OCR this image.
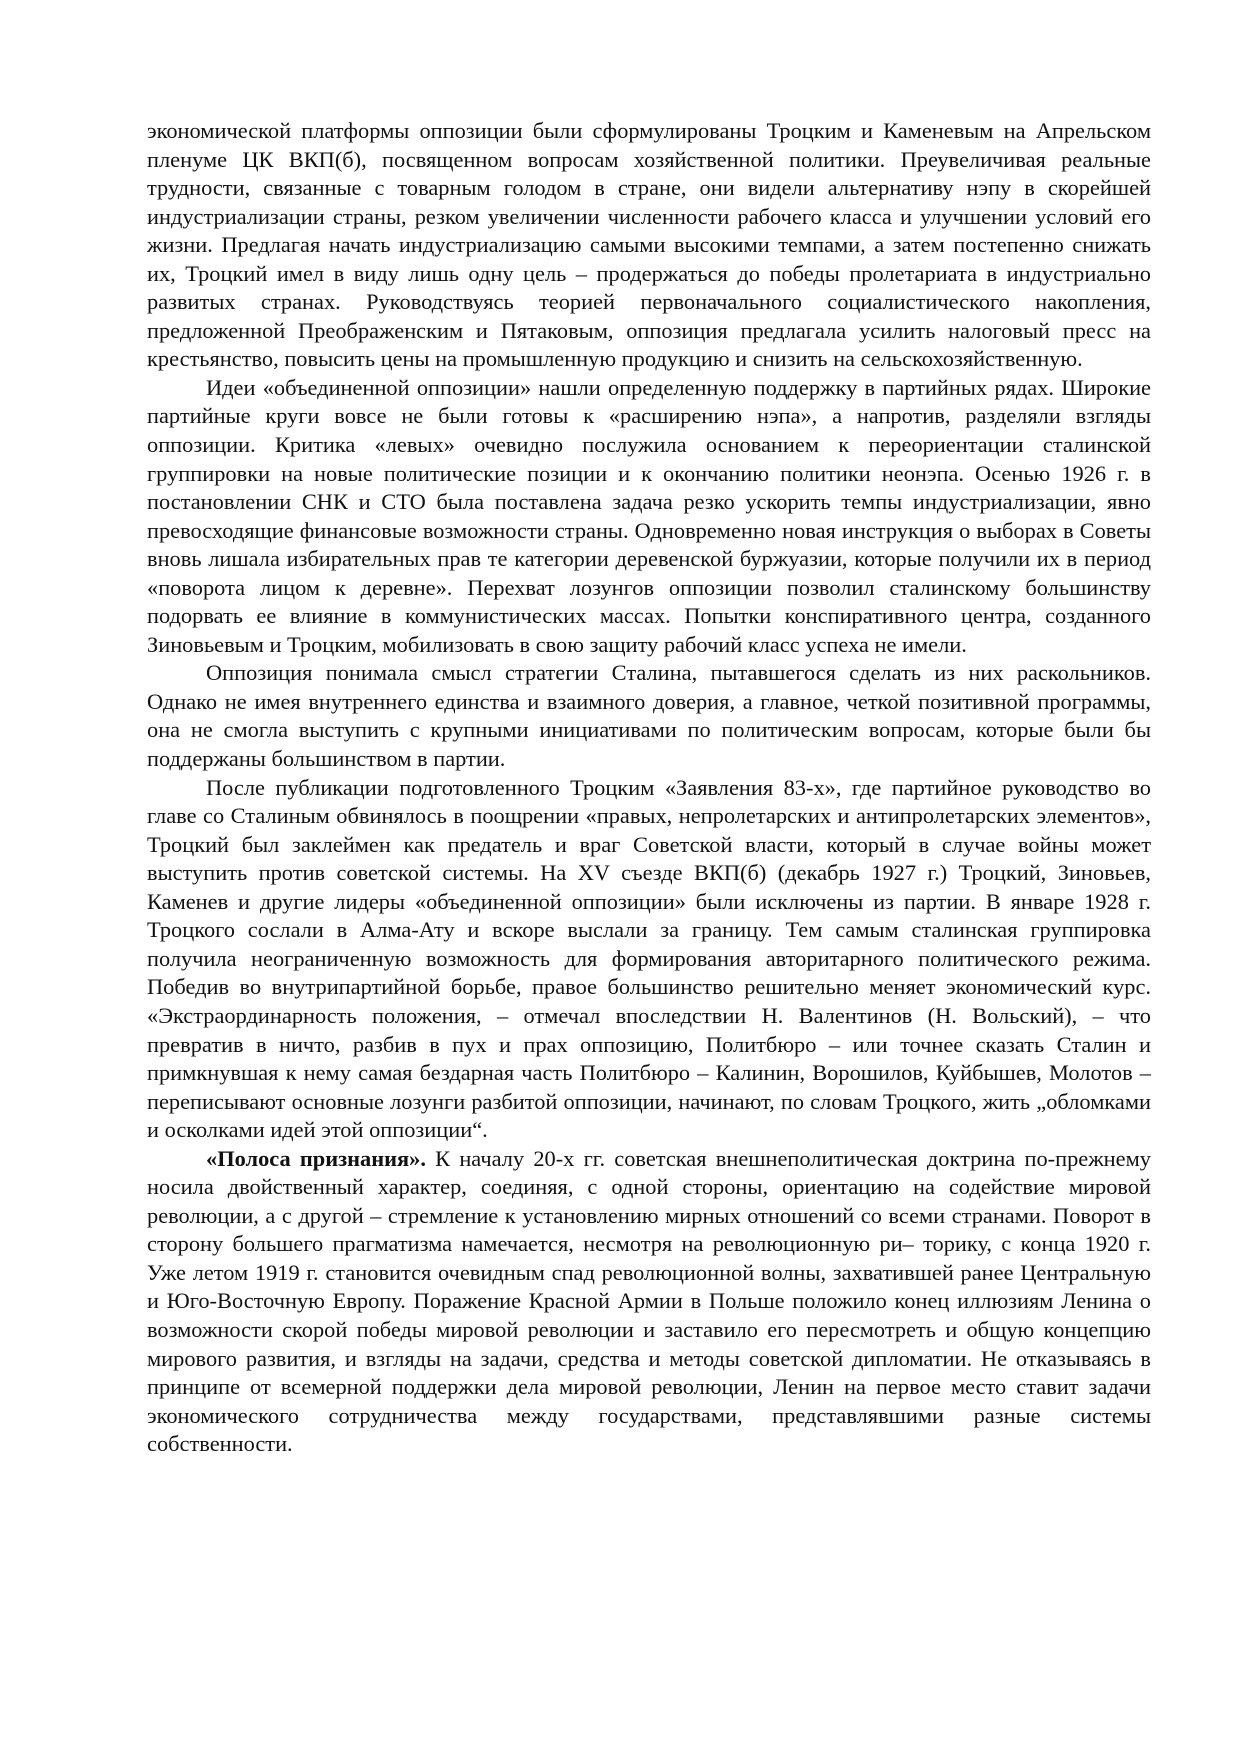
экономической платформы оппозиции были сформулированы Троцким и Каменевым на Апрельском пленуме ЦК ВКП(б), посвященном вопросам хозяйственной политики. Преувеличивая реальные трудности, связанные с товарным голодом в стране, они видели альтернативу нэпу в скорейшей индустриализации страны, резком увеличении численности рабочего класса и улучшении условий его жизни. Предлагая начать индустриализацию самыми высокими темпами, а затем постепенно снижать их, Троцкий имел в виду лишь одну цель – продержаться до победы пролетариата в индустриально развитых странах. Руководствуясь теорией первоначального социалистического накопления, предложенной Преображенским и Пятаковым, оппозиция предлагала усилить налоговый пресс на крестьянство, повысить цены на промышленную продукцию и снизить на сельскохозяйственную.

Идеи «объединенной оппозиции» нашли определенную поддержку в партийных рядах. Широкие партийные круги вовсе не были готовы к «расширению нэпа», а напротив, разделяли взгляды оппозиции. Критика «левых» очевидно послужила основанием к переориентации сталинской группировки на новые политические позиции и к окончанию политики неонэпа. Осенью 1926 г. в постановлении СНК и СТО была поставлена задача резко ускорить темпы индустриализации, явно превосходящие финансовые возможности страны. Одновременно новая инструкция о выборах в Советы вновь лишала избирательных прав те категории деревенской буржуазии, которые получили их в период «поворота лицом к деревне». Перехват лозунгов оппозиции позволил сталинскому большинству подорвать ее влияние в коммунистических массах. Попытки конспиративного центра, созданного Зиновьевым и Троцким, мобилизовать в свою защиту рабочий класс успеха не имели.

Оппозиция понимала смысл стратегии Сталина, пытавшегося сделать из них раскольников. Однако не имея внутреннего единства и взаимного доверия, а главное, четкой позитивной программы, она не смогла выступить с крупными инициативами по политическим вопросам, которые были бы поддержаны большинством в партии.

После публикации подготовленного Троцким «Заявления 83-х», где партийное руководство во главе со Сталиным обвинялось в поощрении «правых, непролетарских и антипролетарских элементов», Троцкий был заклеймен как предатель и враг Советской власти, который в случае войны может выступить против советской системы. На XV съезде ВКП(б) (декабрь 1927 г.) Троцкий, Зиновьев, Каменев и другие лидеры «объединенной оппозиции» были исключены из партии. В январе 1928 г. Троцкого сослали в Алма-Ату и вскоре выслали за границу. Тем самым сталинская группировка получила неограниченную возможность для формирования авторитарного политического режима. Победив во внутрипартийной борьбе, правое большинство решительно меняет экономический курс. «Экстраординарность положения, – отмечал впоследствии Н. Валентинов (Н. Вольский), – что превратив в ничто, разбив в пух и прах оппозицию, Политбюро – или точнее сказать Сталин и примкнувшая к нему самая бездарная часть Политбюро – Калинин, Ворошилов, Куйбышев, Молотов – переписывают основные лозунги разбитой оппозиции, начинают, по словам Троцкого, жить „обломками и осколками идей этой оппозиции“.

«Полоса признания». К началу 20-х гг. советская внешнеполитическая доктрина по-прежнему носила двойственный характер, соединяя, с одной стороны, ориентацию на содействие мировой революции, а с другой – стремление к установлению мирных отношений со всеми странами. Поворот в сторону большего прагматизма намечается, несмотря на революционную ри– торику, с конца 1920 г. Уже летом 1919 г. становится очевидным спад революционной волны, захватившей ранее Центральную и Юго-Восточную Европу. Поражение Красной Армии в Польше положило конец иллюзиям Ленина о возможности скорой победы мировой революции и заставило его пересмотреть и общую концепцию мирового развития, и взгляды на задачи, средства и методы советской дипломатии. Не отказываясь в принципе от всемерной поддержки дела мировой революции, Ленин на первое место ставит задачи экономического сотрудничества между государствами, представлявшими разные системы собственности.
